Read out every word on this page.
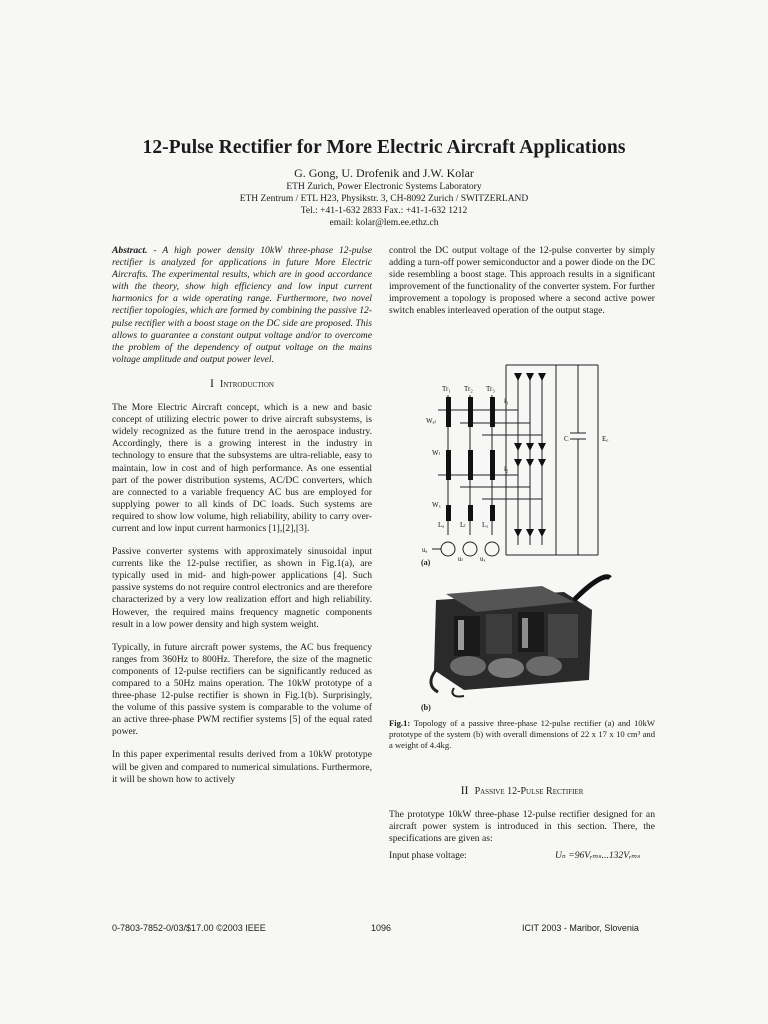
12-Pulse Rectifier for More Electric Aircraft Applications
G. Gong, U. Drofenik and J.W. Kolar
ETH Zurich, Power Electronic Systems Laboratory
ETH Zentrum / ETL H23, Physikstr. 3, CH-8092 Zurich / SWITZERLAND
Tel.: +41-1-632 2833 Fax.: +41-1-632 1212
email: kolar@lem.ee.ethz.ch

Abstract. - A high power density 10kW three-phase 12-pulse rectifier is analyzed for applications in future More Electric Aircrafts. The experimental results, which are in good accordance with the theory, show high efficiency and low input current harmonics for a wide operating range. Furthermore, two novel rectifier topologies, which are formed by combining the passive 12-pulse rectifier with a boost stage on the DC side are proposed. This allows to guarantee a constant output voltage and/or to overcome the problem of the dependency of output voltage on the mains voltage amplitude and output power level.

I Introduction

The More Electric Aircraft concept, which is a new and basic concept of utilizing electric power to drive aircraft subsystems, is widely recognized as the future trend in the aerospace industry. Accordingly, there is a growing interest in the industry in technology to ensure that the subsystems are ultra-reliable, easy to maintain, low in cost and of high performance. As one essential part of the power distribution systems, AC/DC converters, which are connected to a variable frequency AC bus are employed for supplying power to all kinds of DC loads. Such systems are required to show low volume, high reliability, ability to carry over-current and low input current harmonics [1],[2],[3].

Passive converter systems with approximately sinusoidal input currents like the 12-pulse rectifier, as shown in Fig.1(a), are typically used in mid- and high-power applications [4]. Such passive systems do not require control electronics and are therefore characterized by a very low realization effort and high reliability. However, the required mains frequency magnetic components result in a low power density and high system weight.

Typically, in future aircraft power systems, the AC bus frequency ranges from 360Hz to 800Hz. Therefore, the size of the magnetic components of 12-pulse rectifiers can be significantly reduced as compared to a 50Hz mains operation. The 10kW prototype of a three-phase 12-pulse rectifier is shown in Fig.1(b). Surprisingly, the volume of this passive system is comparable to the volume of an active three-phase PWM rectifier systems [5] of the equal rated power.

In this paper experimental results derived from a 10kW prototype will be given and compared to numerical simulations. Furthermore, it will be shown how to actively

control the DC output voltage of the 12-pulse converter by simply adding a turn-off power semiconductor and a power diode on the DC side resembling a boost stage. This approach results in a significant improvement of the functionality of the converter system. For further improvement a topology is proposed where a second active power switch enables interleaved operation of the output stage.

Tr₁ Tr₂ Tr₃
Wₐₗ
Wₗ
Wₓ
Lₐ Lₗ Lₓ
uₐ
uₗ uₓ
C	Eₒ
i₁
i₂
(a)
(b)
Fig.1: Topology of a passive three-phase 12-pulse rectifier (a) and 10kW prototype of the system (b) with overall dimensions of 22 x 17 x 10 cm³ and a weight of 4.4kg.

II Passive 12-Pulse Rectifier

The prototype 10kW three-phase 12-pulse rectifier designed for an aircraft power system is introduced in this section. There, the specifications are given as:

Input phase voltage:	Uₙ =96Vᵣₘₛ...132Vᵣₘₛ
0-7803-7852-0/03/$17.00 ©2003 IEEE	1096	ICIT 2003 - Maribor, Slovenia
